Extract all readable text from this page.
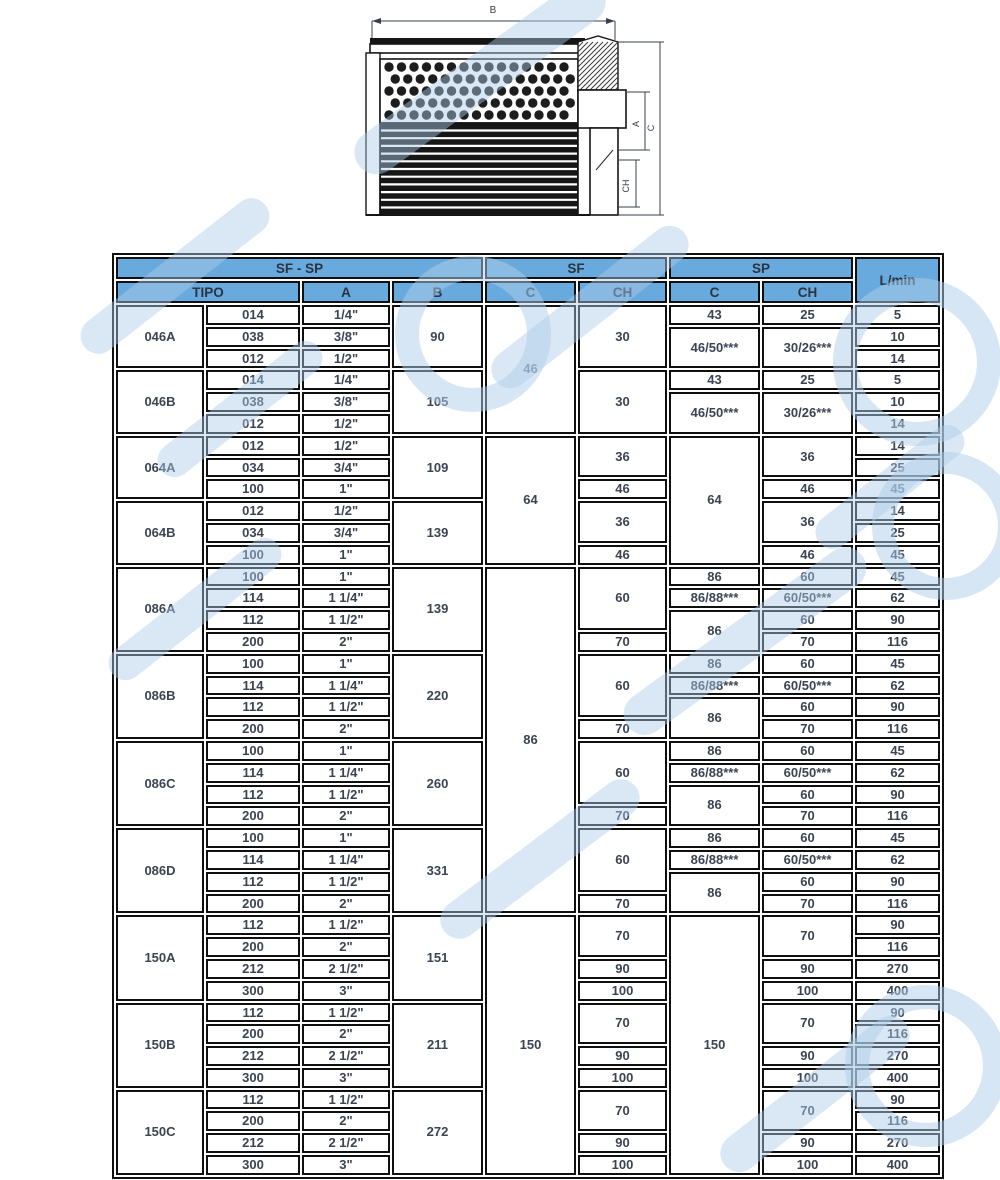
B
A
C
CH
SF - SP				SF		SP		L/min
TIPO		A	B	C	CH	C	CH	
046A	014	1/4"	90	46	30	43	25	5
	038	3/8"				46/50***	30/26***	10
	012	1/2"						14
046B	014	1/4"	105		30	43	25	5
	038	3/8"				46/50***	30/26***	10
	012	1/2"						14
064A	012	1/2"	109	64	36	64	36	14
	034	3/4"						25
	100	1"			46		46	45
064B	012	1/2"	139		36		36	14
	034	3/4"						25
	100	1"			46		46	45
086A	100	1"	139	86	60	86	60	45
	114	1 1/4"				86/88***	60/50***	62
	112	1 1/2"				86	60	90
	200	2"			70		70	116
086B	100	1"	220		60	86	60	45
	114	1 1/4"				86/88***	60/50***	62
	112	1 1/2"				86	60	90
	200	2"			70		70	116
086C	100	1"	260		60	86	60	45
	114	1 1/4"				86/88***	60/50***	62
	112	1 1/2"				86	60	90
	200	2"			70		70	116
086D	100	1"	331		60	86	60	45
	114	1 1/4"				86/88***	60/50***	62
	112	1 1/2"				86	60	90
	200	2"			70		70	116
150A	112	1 1/2"	151	150	70	150	70	90
	200	2"						116
	212	2 1/2"			90		90	270
	300	3"			100		100	400
150B	112	1 1/2"	211		70		70	90
	200	2"						116
	212	2 1/2"			90		90	270
	300	3"			100		100	400
150C	112	1 1/2"	272		70		70	90
	200	2"						116
	212	2 1/2"			90		90	270
	300	3"			100		100	400
